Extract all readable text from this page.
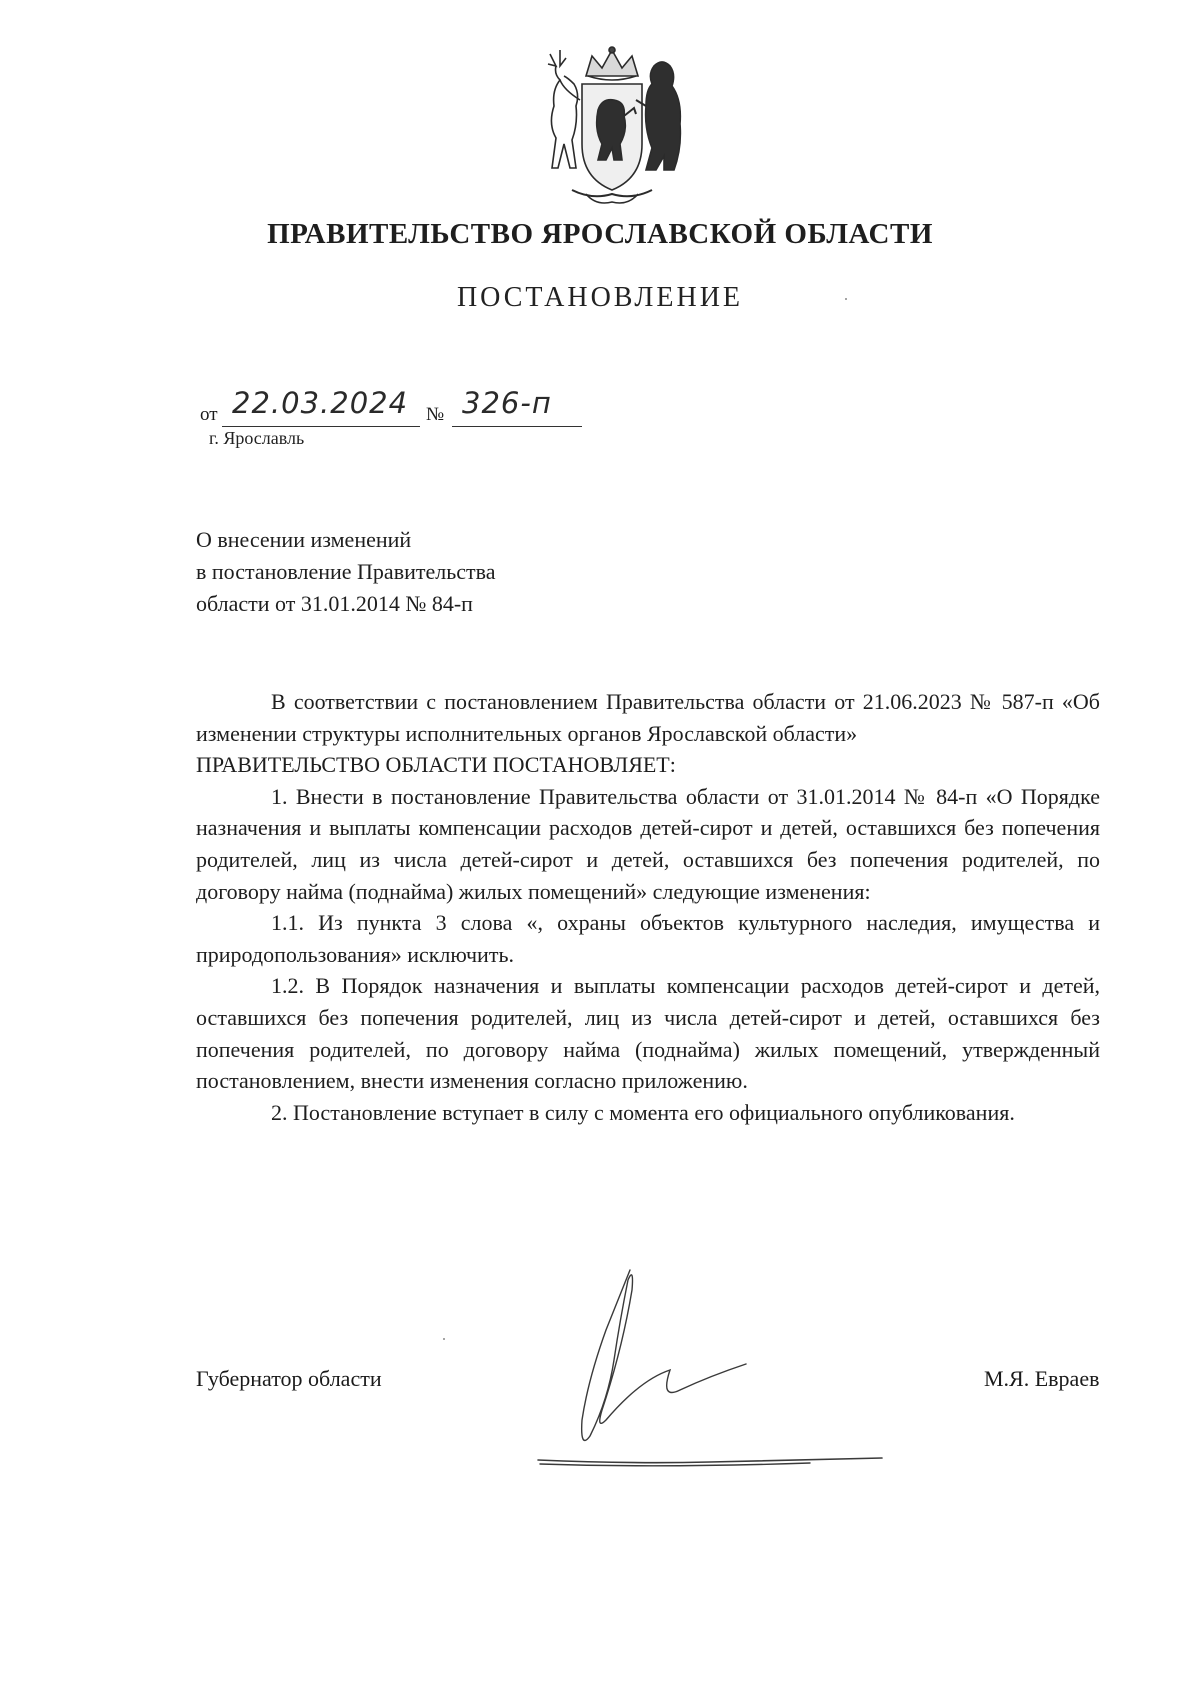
ПРАВИТЕЛЬСТВО ЯРОСЛАВСКОЙ ОБЛАСТИ
ПОСТАНОВЛЕНИЕ
от 22.03.2024 № 326-п
г. Ярославль
О внесении изменений
в постановление Правительства
области от 31.01.2014 № 84-п

В соответствии с постановлением Правительства области от 21.06.2023 № 587-п «Об изменении структуры исполнительных органов Ярославской области»

ПРАВИТЕЛЬСТВО ОБЛАСТИ ПОСТАНОВЛЯЕТ:

1. Внести в постановление Правительства области от 31.01.2014 № 84-п «О Порядке назначения и выплаты компенсации расходов детей-сирот и детей, оставшихся без попечения родителей, лиц из числа детей-сирот и детей, оставшихся без попечения родителей, по договору найма (поднайма) жилых помещений» следующие изменения:

1.1. Из пункта 3 слова «, охраны объектов культурного наследия, имущества и природопользования» исключить.

1.2. В Порядок назначения и выплаты компенсации расходов детей-сирот и детей, оставшихся без попечения родителей, лиц из числа детей-сирот и детей, оставшихся без попечения родителей, по договору найма (поднайма) жилых помещений, утвержденный постановлением, внести изменения согласно приложению.

2. Постановление вступает в силу с момента его официального опубликования.

Губернатор области	М.Я. Евраев
